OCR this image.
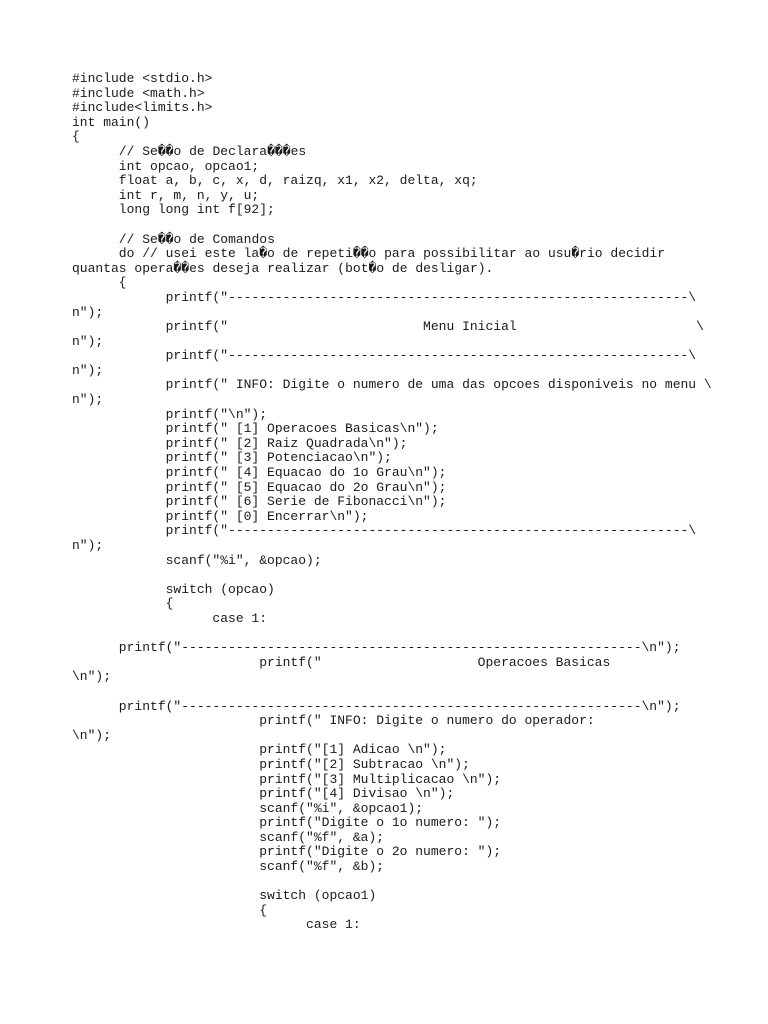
#include <stdio.h>
#include <math.h>
#include<limits.h>
int main()
{
// Se��o de Declara���es
int opcao, opcao1;
float a, b, c, x, d, raizq, x1, x2, delta, xq;
int r, m, n, y, u;
long long int f[92];
// Se��o de Comandos
do // usei este la�o de repeti��o para possibilitar ao usu�rio decidir
quantas opera��es deseja realizar (bot�o de desligar).
{
printf("-----------------------------------------------------------\
n");
printf("                         Menu Inicial                       \
n");
printf("-----------------------------------------------------------\
n");
printf(" INFO: Digite o numero de uma das opcoes disponiveis no menu \
n");
printf("\n");
printf(" [1] Operacoes Basicas\n");
printf(" [2] Raiz Quadrada\n");
printf(" [3] Potenciacao\n");
printf(" [4] Equacao do 1o Grau\n");
printf(" [5] Equacao do 2o Grau\n");
printf(" [6] Serie de Fibonacci\n");
printf(" [0] Encerrar\n");
printf("-----------------------------------------------------------\
n");
scanf("%i", &opcao);
switch (opcao)
{
case 1:
printf("-----------------------------------------------------------\n");
printf("                    Operacoes Basicas
\n");
printf("-----------------------------------------------------------\n");
printf(" INFO: Digite o numero do operador:
\n");
printf("[1] Adicao \n");
printf("[2] Subtracao \n");
printf("[3] Multiplicacao \n");
printf("[4] Divisao \n");
scanf("%i", &opcao1);
printf("Digite o 1o numero: ");
scanf("%f", &a);
printf("Digite o 2o numero: ");
scanf("%f", &b);
switch (opcao1)
{
case 1:
